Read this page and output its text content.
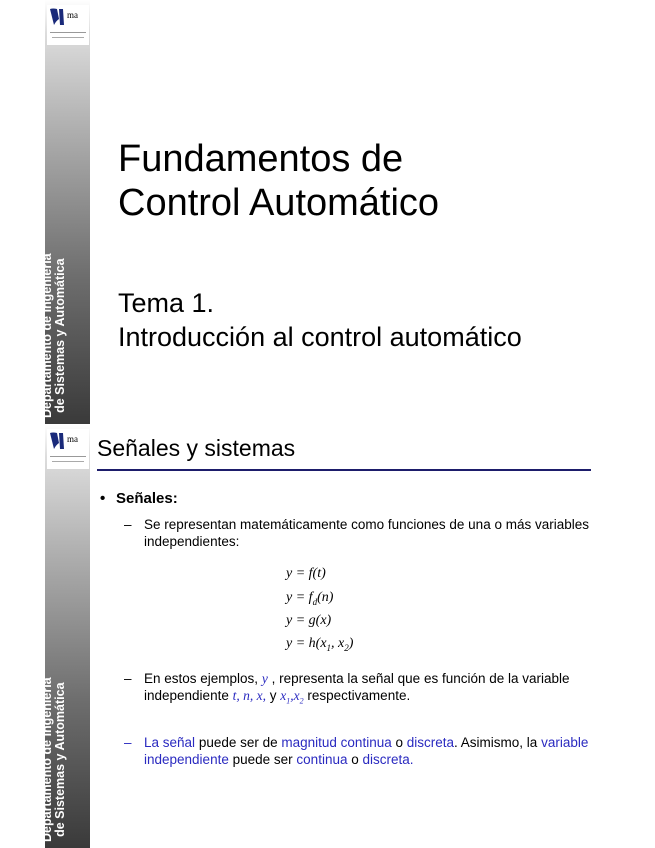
ma
Departamento de Ingeniería de Sistemas y Automática
Fundamentos de
Control Automático
Tema 1.
Introducción al control automático
ma
Departamento de Ingeniería de Sistemas y Automática
Señales y sistemas
• Señales:
– Se representan matemáticamente como funciones de una o más variables independientes:
y = f(t)
$y = f_d(n)$
y = g(x)
$y = h(x_1$, $x_2$)
– En estos ejemplos, y , representa la señal que es función de la variable independiente t, n, x, y $x_1,x_2$ respectivamente.
– La señal puede ser de magnitud continua o discreta. Asimismo, la variable independiente puede ser continua o discreta.
